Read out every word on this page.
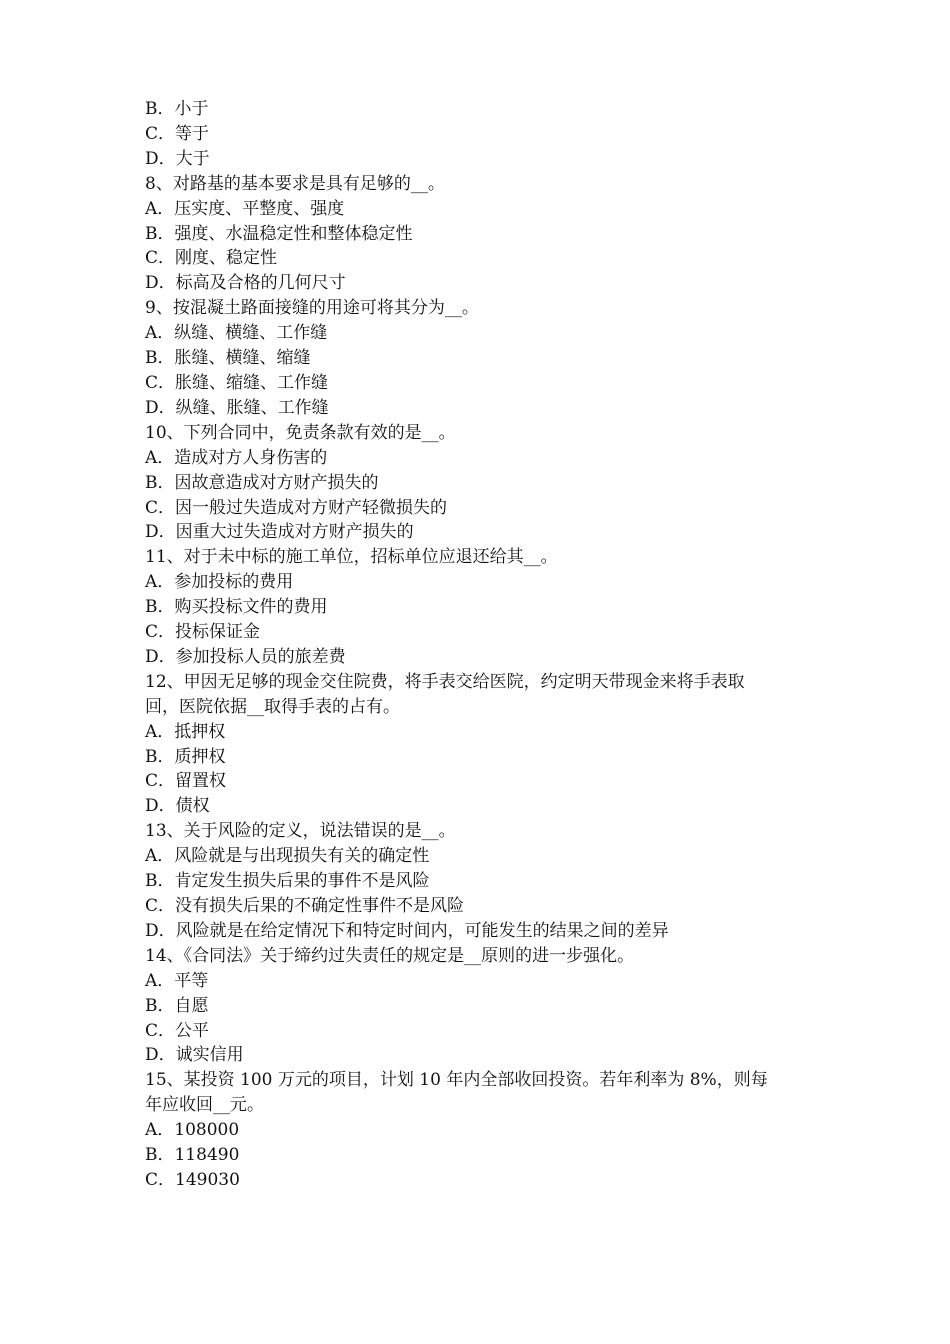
B．小于
C．等于
D．大于
8、对路基的基本要求是具有足够的__。
A．压实度、平整度、强度
B．强度、水温稳定性和整体稳定性
C．刚度、稳定性
D．标高及合格的几何尺寸
9、按混凝土路面接缝的用途可将其分为__。
A．纵缝、横缝、工作缝
B．胀缝、横缝、缩缝
C．胀缝、缩缝、工作缝
D．纵缝、胀缝、工作缝
10、下列合同中，免责条款有效的是__。
A．造成对方人身伤害的
B．因故意造成对方财产损失的
C．因一般过失造成对方财产轻微损失的
D．因重大过失造成对方财产损失的
11、对于未中标的施工单位，招标单位应退还给其__。
A．参加投标的费用
B．购买投标文件的费用
C．投标保证金
D．参加投标人员的旅差费
12、甲因无足够的现金交住院费，将手表交给医院，约定明天带现金来将手表取
回，医院依据__取得手表的占有。
A．抵押权
B．质押权
C．留置权
D．债权
13、关于风险的定义，说法错误的是__。
A．风险就是与出现损失有关的确定性
B．肯定发生损失后果的事件不是风险
C．没有损失后果的不确定性事件不是风险
D．风险就是在给定情况下和特定时间内，可能发生的结果之间的差异
14、《合同法》关于缔约过失责任的规定是__原则的进一步强化。
A．平等
B．自愿
C．公平
D．诚实信用
15、某投资 100 万元的项目，计划 10 年内全部收回投资。若年利率为 8%，则每
年应收回__元。
A．108000
B．118490
C．149030
